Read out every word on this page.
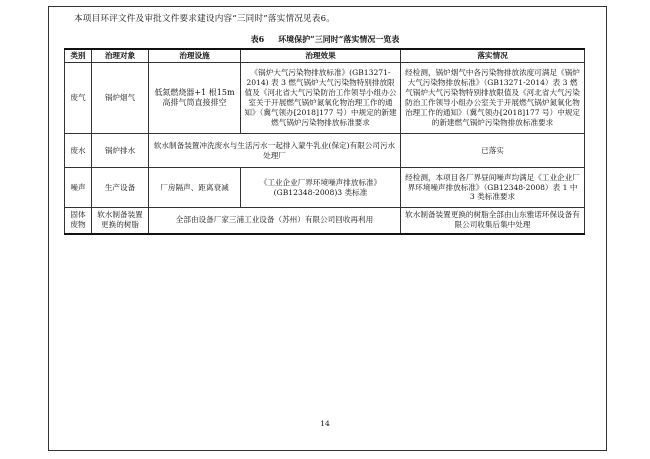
本项目环评文件及审批文件要求建设内容“三同时”落实情况见表6。
表6 环境保护“三同时”落实情况一览表
类别	治理对象	治理设施	治理效果	落实情况
废气	锅炉烟气	低氮燃烧器+1 根15m高排气筒直接排空	《锅炉大气污染物排放标准》(GB13271-2014) 表 3 燃气锅炉大气污染物特别排放限值及《河北省大气污染防治工作领导小组办公室关于开展燃气锅炉氮氧化物治理工作的通知》（冀气领办[2018]177 号）中规定的新建燃气锅炉污染物排放标准要求	经检测，锅炉烟气中各污染物排放浓度可满足《锅炉大气污染物排放标准》（GB13271-2014）表 3 燃气锅炉大气污染物特别排放限值及《河北省大气污染防治工作领导小组办公室关于开展燃气锅炉氮氧化物治理工作的通知》（冀气领办[2018]177 号）中规定的新建燃气锅炉污染物排放标准要求
废水	锅炉排水	软水制备装置冲洗废水与生活污水一起排入蒙牛乳业(保定)有限公司污水处理厂		已落实
噪声	生产设备	厂房隔声、距离衰减	《工业企业厂界环境噪声排放标准》(GB12348-2008)3 类标准	经检测，本项目各厂界昼间噪声均满足《工业企业厂界环境噪声排放标准》（GB12348-2008）表 1 中 3 类标准要求
固体废物	软水制备装置更换的树脂	全部由设备厂家三浦工业设备（苏州）有限公司回收再利用		软水制备装置更换的树脂全部由山东雅诺环保设备有限公司收集后集中处理
14
